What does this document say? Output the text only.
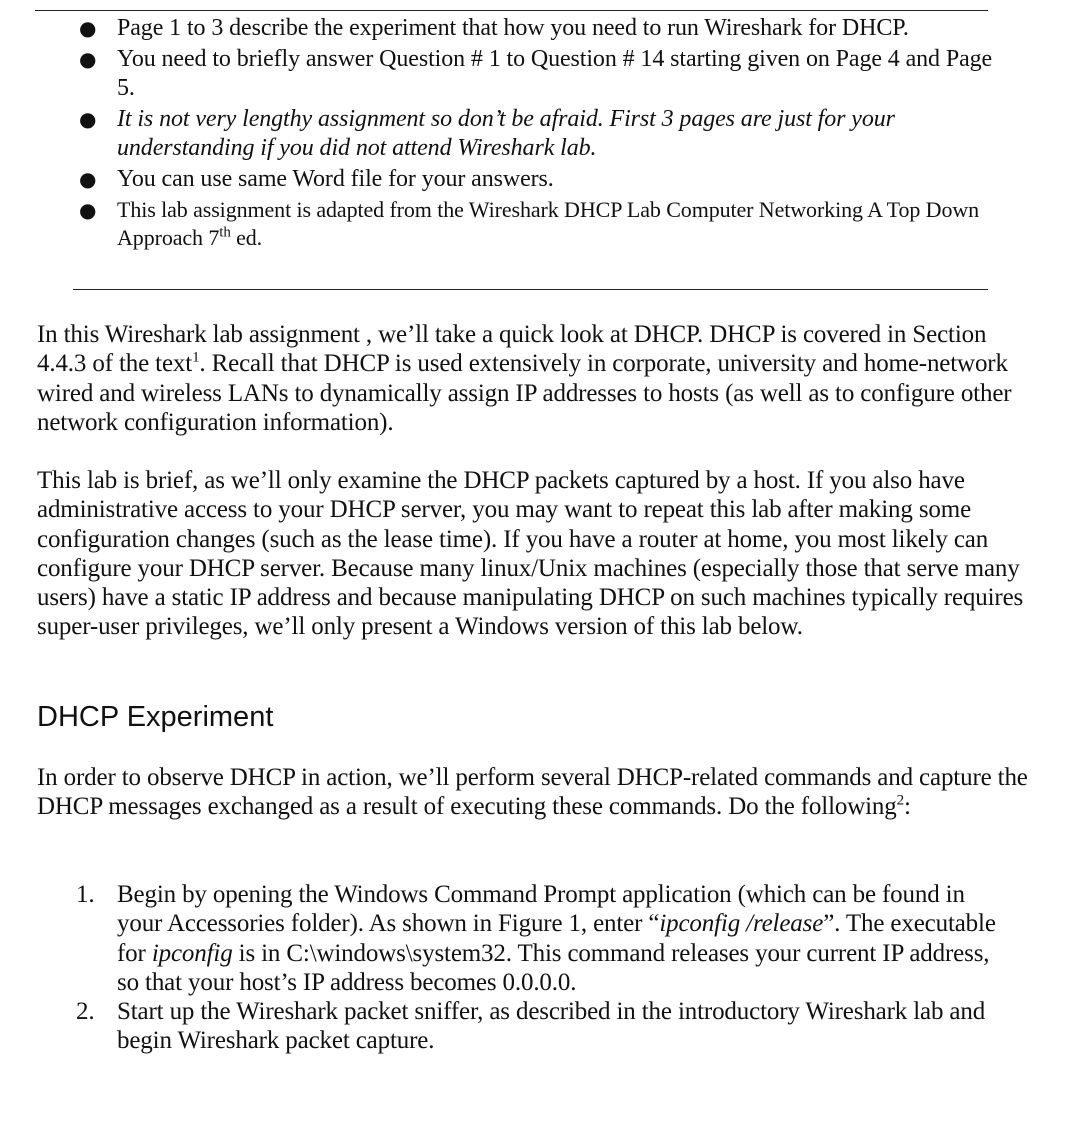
● Page 1 to 3 describe the experiment that how you need to run Wireshark for DHCP.
● You need to briefly answer Question # 1 to Question # 14 starting given on Page 4 and Page 5.
● It is not very lengthy assignment so don’t be afraid. First 3 pages are just for your understanding if you did not attend Wireshark lab.
● You can use same Word file for your answers.
● This lab assignment is adapted from the Wireshark DHCP Lab Computer Networking A Top Down Approach 7th ed.

In this Wireshark lab assignment , we’ll take a quick look at DHCP. DHCP is covered in Section 4.4.3 of the text$^1$. Recall that DHCP is used extensively in corporate, university and home-network wired and wireless LANs to dynamically assign IP addresses to hosts (as well as to configure other network configuration information).

This lab is brief, as we’ll only examine the DHCP packets captured by a host. If you also have administrative access to your DHCP server, you may want to repeat this lab after making some configuration changes (such as the lease time). If you have a router at home, you most likely can configure your DHCP server. Because many linux/Unix machines (especially those that serve many users) have a static IP address and because manipulating DHCP on such machines typically requires super-user privileges, we’ll only present a Windows version of this lab below.

DHCP Experiment

In order to observe DHCP in action, we’ll perform several DHCP-related commands and capture the DHCP messages exchanged as a result of executing these commands. Do the following$^2$:

1. Begin by opening the Windows Command Prompt application (which can be found in your Accessories folder). As shown in Figure 1, enter “ipconfig /release”. The executable for ipconfig is in C:\windows\system32. This command releases your current IP address, so that your host’s IP address becomes 0.0.0.0.
2. Start up the Wireshark packet sniffer, as described in the introductory Wireshark lab and begin Wireshark packet capture.
